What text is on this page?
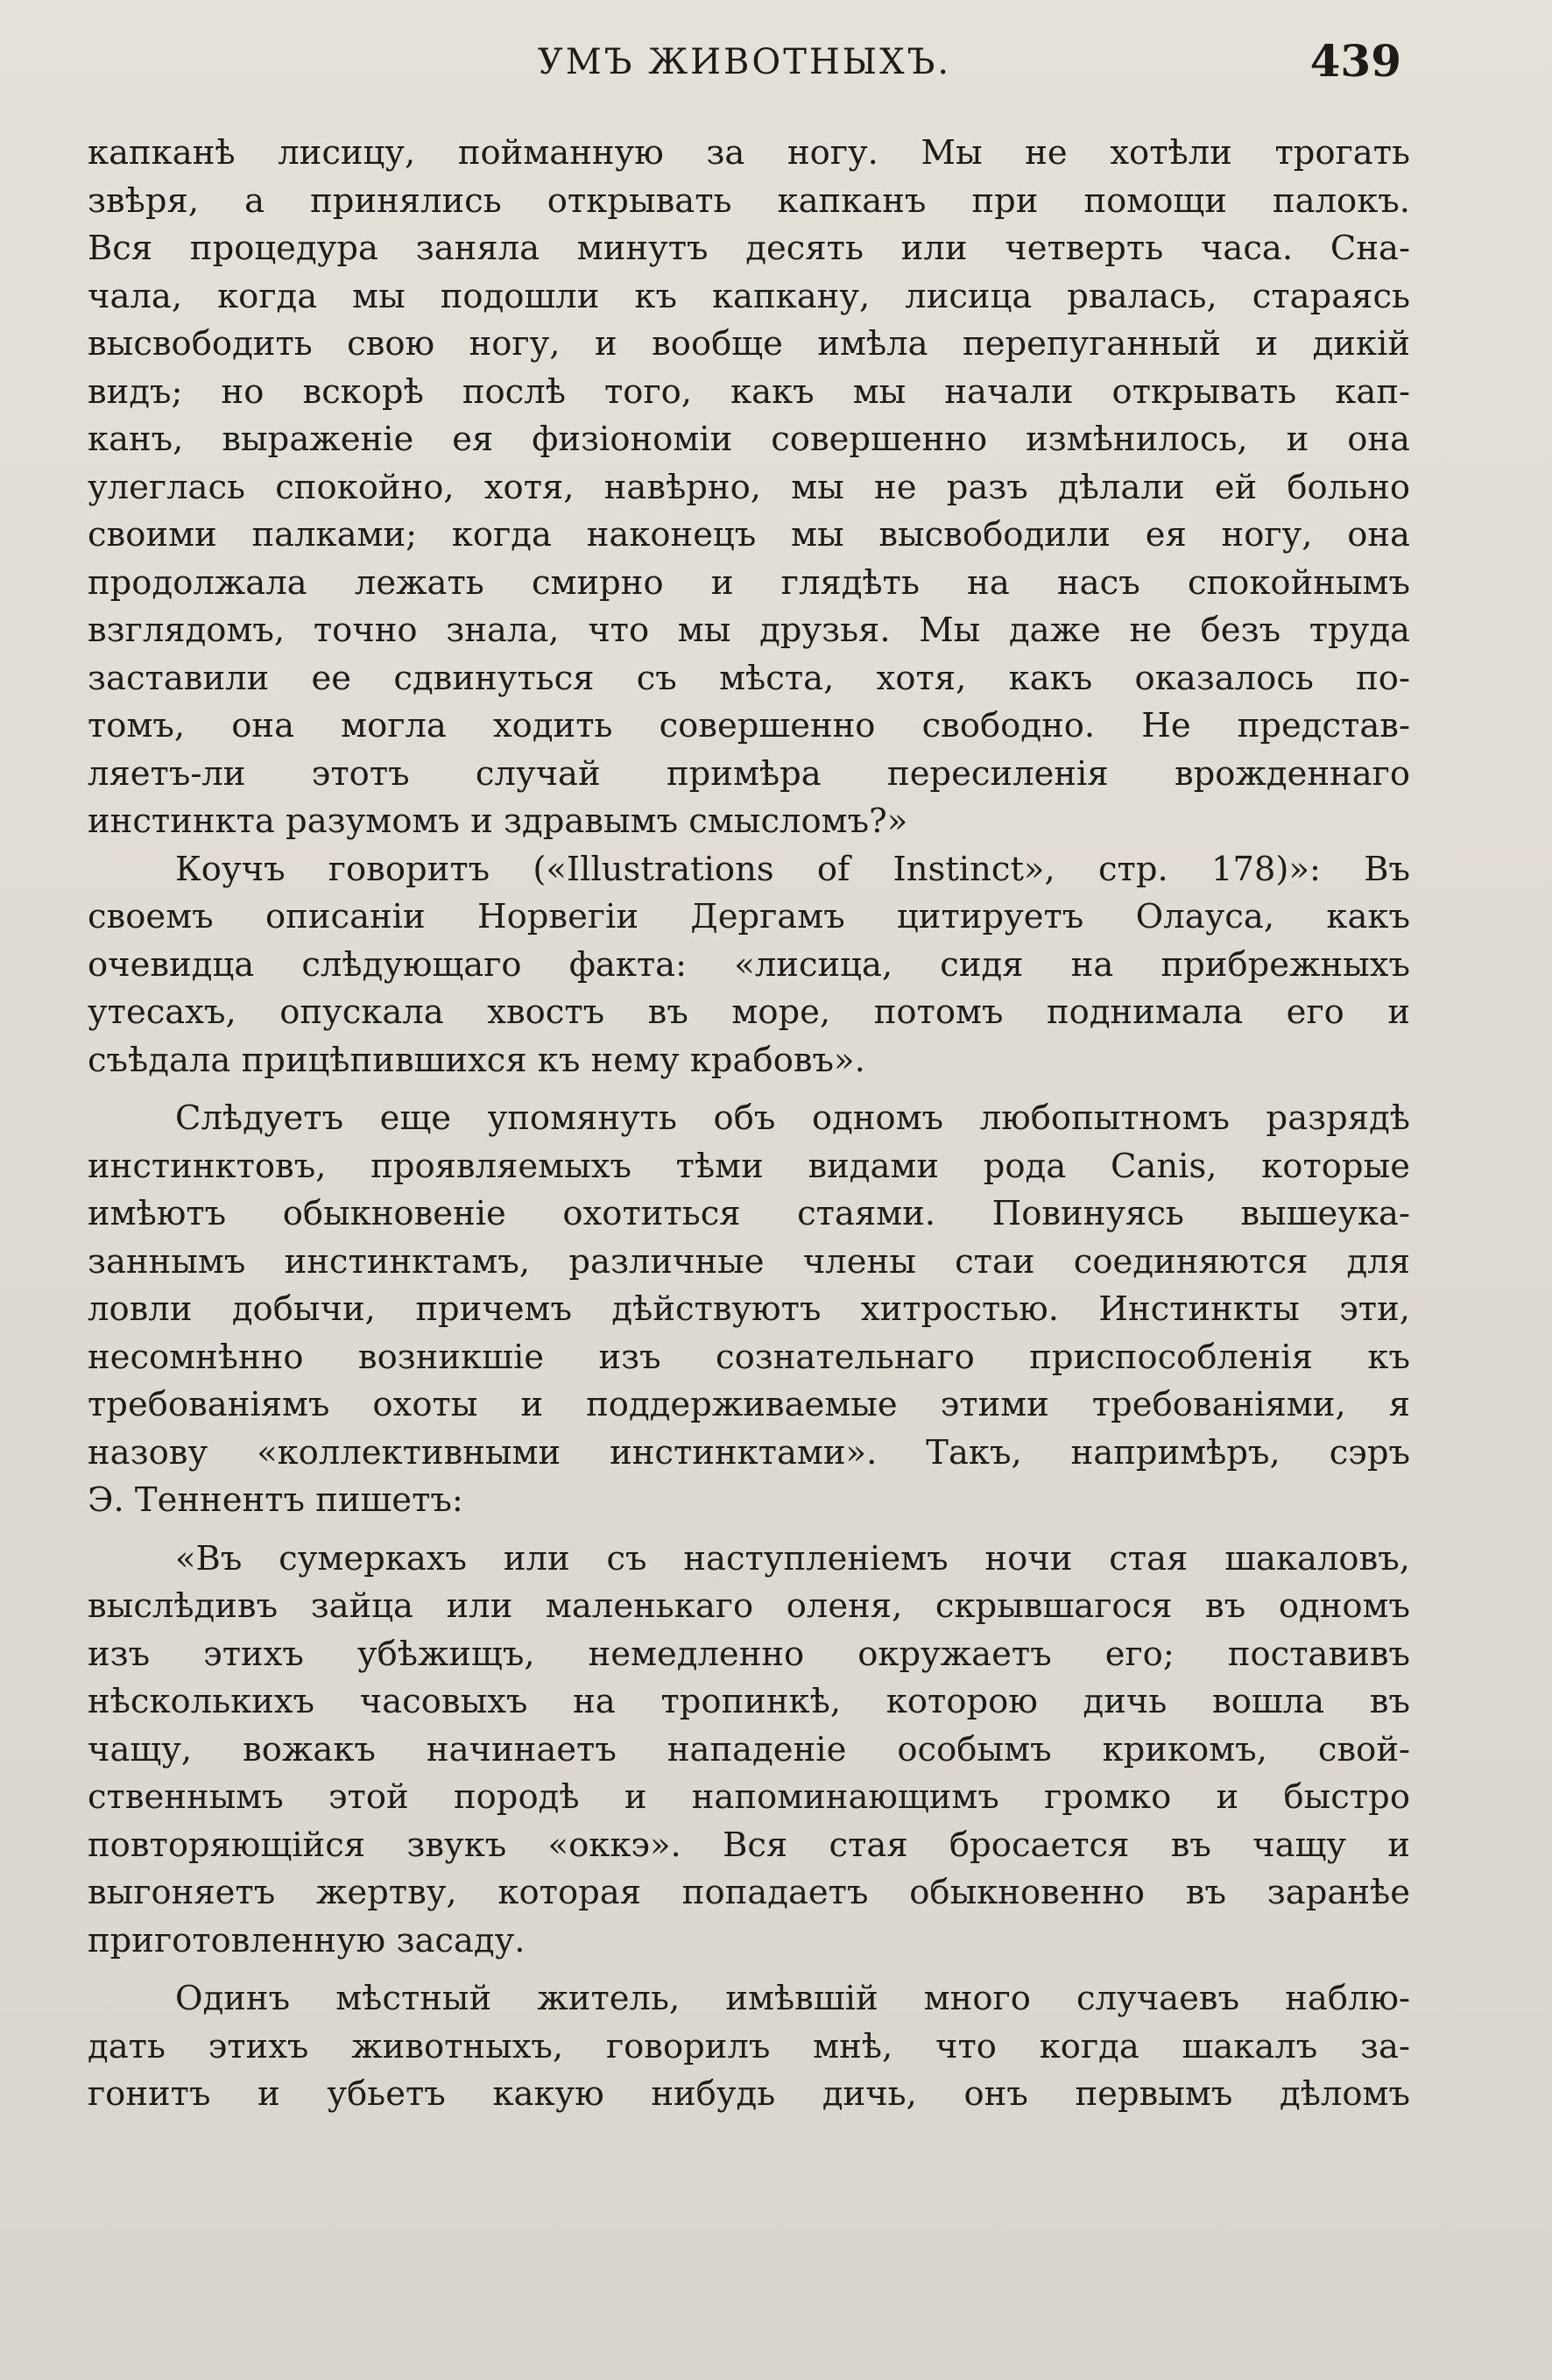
УМЪ ЖИВОТНЫХЪ.	439
капканѣ лисицу, пойманную за ногу. Мы не хотѣли трогать
звѣря, а принялись открывать капканъ при помощи палокъ.
Вся процедура заняла минутъ десять или четверть часа. Сна-
чала, когда мы подошли къ капкану, лисица рвалась, стараясь
высвободить свою ногу, и вообще имѣла перепуганный и дикій
видъ; но вскорѣ послѣ того, какъ мы начали открывать кап-
канъ, выраженіе ея физіономіи совершенно измѣнилось, и она
улеглась спокойно, хотя, навѣрно, мы не разъ дѣлали ей больно
своими палками; когда наконецъ мы высвободили ея ногу, она
продолжала лежать смирно и глядѣть на насъ спокойнымъ
взглядомъ, точно знала, что мы друзья. Мы даже не безъ труда
заставили ее сдвинуться съ мѣста, хотя, какъ оказалось по-
томъ, она могла ходить совершенно свободно. Не представ-
ляетъ-ли этотъ случай примѣра пересиленія врожденнаго
инстинкта разумомъ и здравымъ смысломъ?»
Коучъ говоритъ («Illustrations of Instinct», стр. 178)»: Въ
своемъ описаніи Норвегіи Дергамъ цитируетъ Олауса, какъ
очевидца слѣдующаго факта: «лисица, сидя на прибрежныхъ
утесахъ, опускала хвостъ въ море, потомъ поднимала его и
съѣдала прицѣпившихся къ нему крабовъ».
Слѣдуетъ еще упомянуть объ одномъ любопытномъ разрядѣ
инстинктовъ, проявляемыхъ тѣми видами рода Canis, которые
имѣютъ обыкновеніе охотиться стаями. Повинуясь вышеука-
заннымъ инстинктамъ, различные члены стаи соединяются для
ловли добычи, причемъ дѣйствуютъ хитростью. Инстинкты эти,
несомнѣнно возникшіе изъ сознательнаго приспособленія къ
требованіямъ охоты и поддерживаемые этими требованіями, я
назову «коллективными инстинктами». Такъ, напримѣръ, сэръ
Э. Теннентъ пишетъ:
«Въ сумеркахъ или съ наступленіемъ ночи стая шакаловъ,
выслѣдивъ зайца или маленькаго оленя, скрывшагося въ одномъ
изъ этихъ убѣжищъ, немедленно окружаетъ его; поставивъ
нѣсколькихъ часовыхъ на тропинкѣ, которою дичь вошла въ
чащу, вожакъ начинаетъ нападеніе особымъ крикомъ, свой-
ственнымъ этой породѣ и напоминающимъ громко и быстро
повторяющійся звукъ «оккэ». Вся стая бросается въ чащу и
выгоняетъ жертву, которая попадаетъ обыкновенно въ заранѣе
приготовленную засаду.
Одинъ мѣстный житель, имѣвшій много случаевъ наблю-
дать этихъ животныхъ, говорилъ мнѣ, что когда шакалъ за-
гонитъ и убьетъ какую нибудь дичь, онъ первымъ дѣломъ
